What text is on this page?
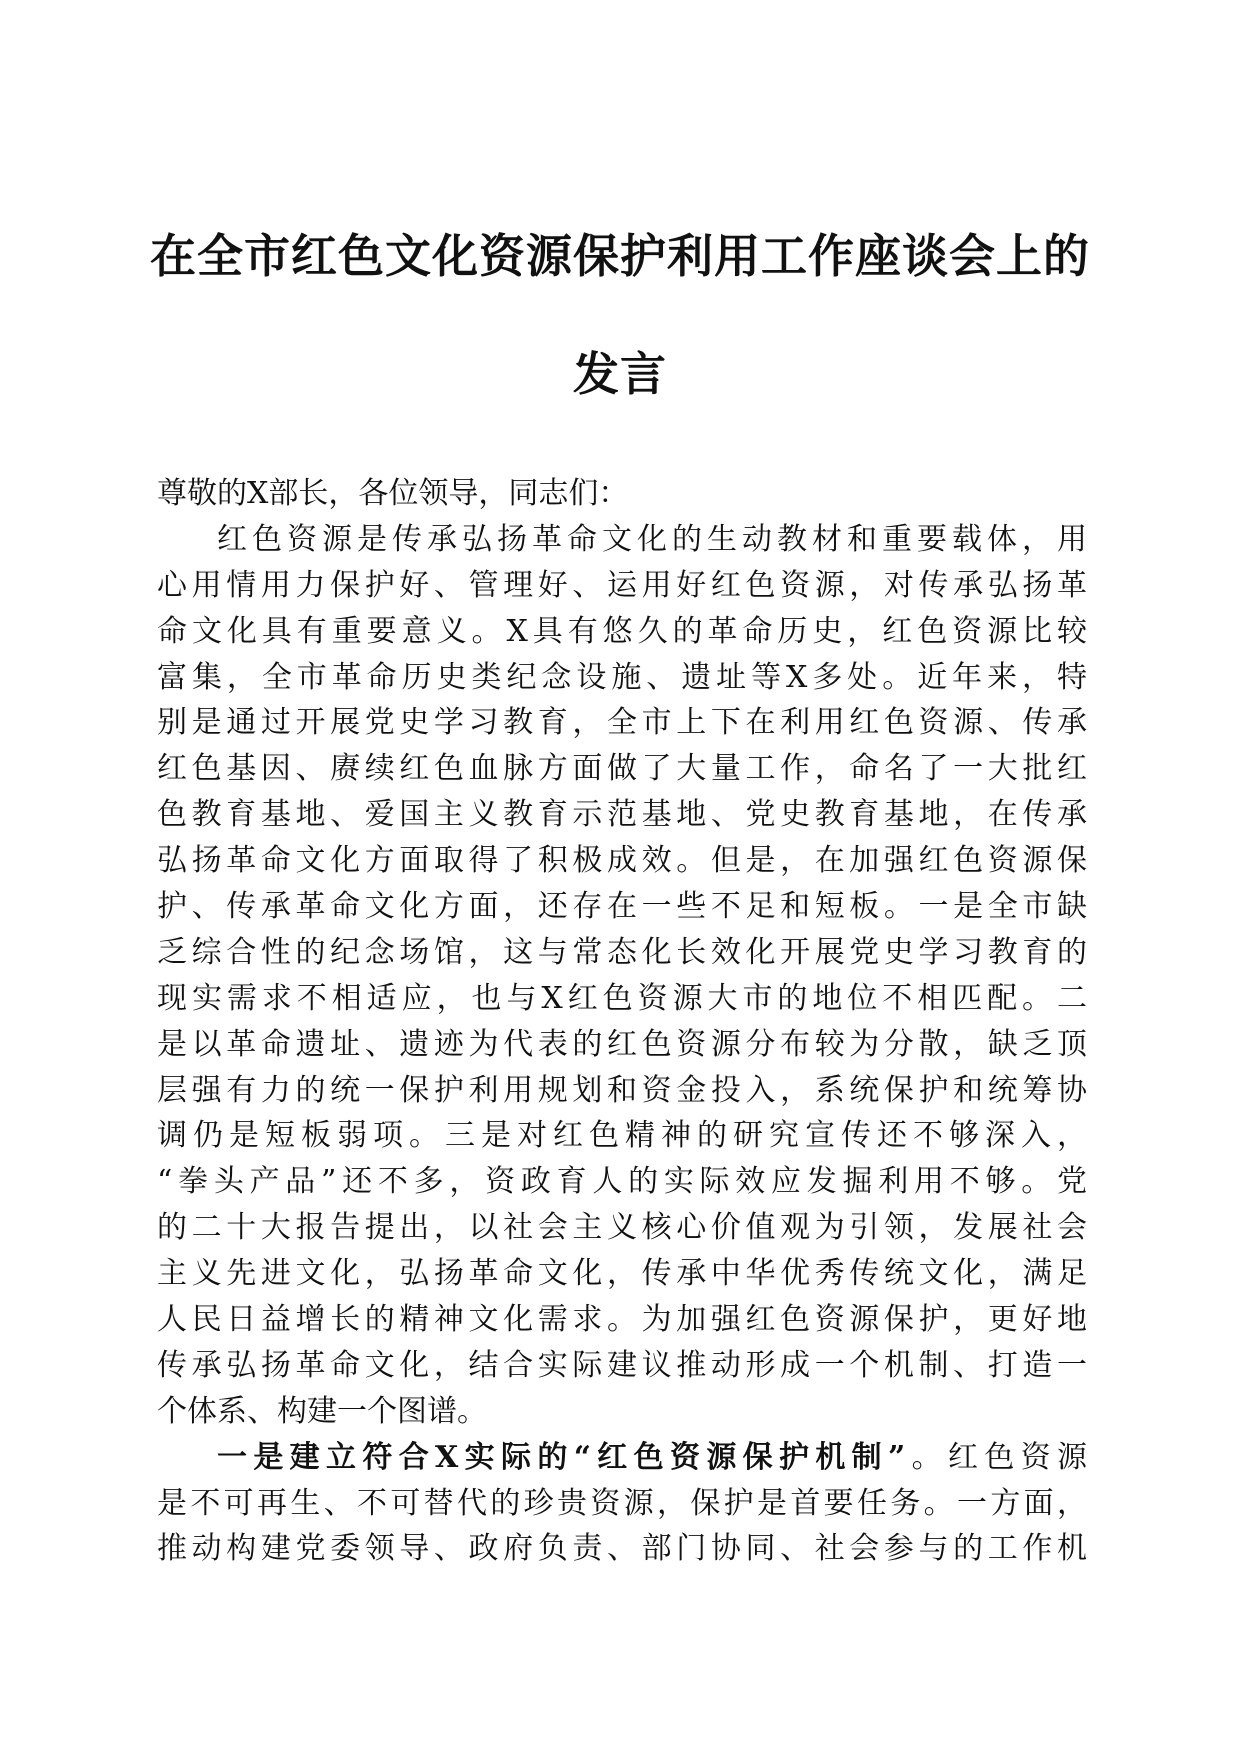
在全市红色文化资源保护利用工作座谈会上的
发言
尊敬的X部长，各位领导，同志们：
红色资源是传承弘扬革命文化的生动教材和重要载体，用
心用情用力保护好、管理好、运用好红色资源，对传承弘扬革
命文化具有重要意义。X具有悠久的革命历史，红色资源比较
富集，全市革命历史类纪念设施、遗址等X多处。近年来，特
别是通过开展党史学习教育，全市上下在利用红色资源、传承
红色基因、赓续红色血脉方面做了大量工作，命名了一大批红
色教育基地、爱国主义教育示范基地、党史教育基地，在传承
弘扬革命文化方面取得了积极成效。但是，在加强红色资源保
护、传承革命文化方面，还存在一些不足和短板。一是全市缺
乏综合性的纪念场馆，这与常态化长效化开展党史学习教育的
现实需求不相适应，也与X红色资源大市的地位不相匹配。二
是以革命遗址、遗迹为代表的红色资源分布较为分散，缺乏顶
层强有力的统一保护利用规划和资金投入，系统保护和统筹协
调仍是短板弱项。三是对红色精神的研究宣传还不够深入，
“拳头产品”还不多，资政育人的实际效应发掘利用不够。党
的二十大报告提出，以社会主义核心价值观为引领，发展社会
主义先进文化，弘扬革命文化，传承中华优秀传统文化，满足
人民日益增长的精神文化需求。为加强红色资源保护，更好地
传承弘扬革命文化，结合实际建议推动形成一个机制、打造一
个体系、构建一个图谱。
一是建立符合X实际的“红色资源保护机制”。红色资源
是不可再生、不可替代的珍贵资源，保护是首要任务。一方面，
推动构建党委领导、政府负责、部门协同、社会参与的工作机
